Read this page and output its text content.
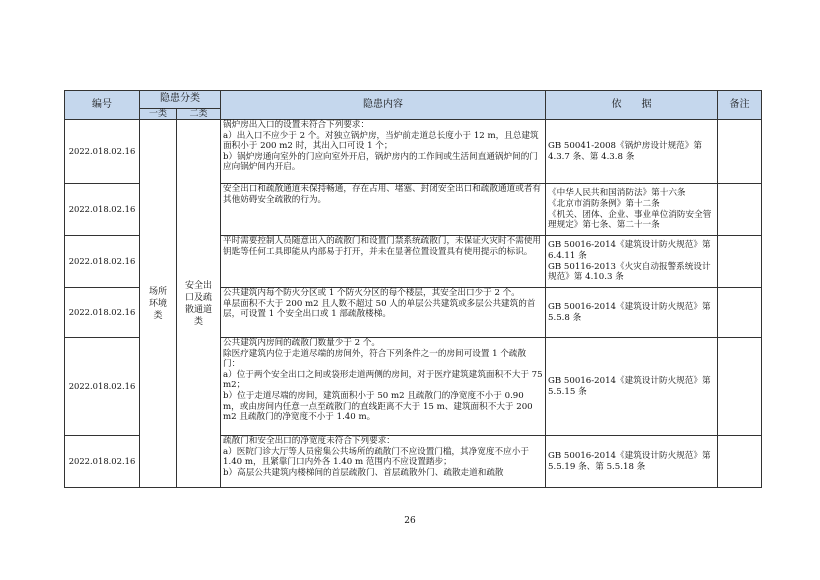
编号	隐患分类		隐患内容	依　　据	备注
	一类	二类			
2022.018.02.16	场所环境类	安全出口及疏散通道类	锅炉房出入口的设置未符合下列要求：
a）出入口不应少于 2 个。对独立锅炉房，当炉前走道总长度小于 12 m，且总建筑面积小于 200 m2 时，其出入口可设 1 个；
b）锅炉房通向室外的门应向室外开启，锅炉房内的工作间或生活间直通锅炉间的门应向锅炉间内开启。	GB 50041-2008《锅炉房设计规范》第 4.3.7 条、第 4.3.8 条	

2022.018.02.16			安全出口和疏散通道未保持畅通，存在占用、堵塞、封闭安全出口和疏散通道或者有其他妨碍安全疏散的行为。	《中华人民共和国消防法》第十六条
《北京市消防条例》第十二条
《机关、团体、企业、事业单位消防安全管理规定》第七条、第二十一条	

2022.018.02.16			平时需要控制人员随意出入的疏散门和设置门禁系统疏散门，未保证火灾时不需使用钥匙等任何工具即能从内部易于打开，并未在显著位置设置具有使用提示的标识。	GB 50016-2014《建筑设计防火规范》第 6.4.11 条
GB 50116-2013《火灾自动报警系统设计规范》第 4.10.3 条	

2022.018.02.16			公共建筑内每个防火分区或 1 个防火分区的每个楼层，其安全出口少于 2 个。
单层面积不大于 200 m2 且人数不超过 50 人的单层公共建筑或多层公共建筑的首层，可设置 1 个安全出口或 1 部疏散楼梯。	GB 50016-2014《建筑设计防火规范》第 5.5.8 条	

2022.018.02.16			公共建筑内房间的疏散门数量少于 2 个。
除医疗建筑内位于走道尽端的房间外，符合下列条件之一的房间可设置 1 个疏散门：
a）位于两个安全出口之间或袋形走道两侧的房间，对于医疗建筑建筑面积不大于 75 m2；
b）位于走道尽端的房间，建筑面积小于 50 m2 且疏散门的净宽度不小于 0.90 m，或由房间内任意一点至疏散门的直线距离不大于 15 m、建筑面积不大于 200 m2 且疏散门的净宽度不小于 1.40 m。	GB 50016-2014《建筑设计防火规范》第 5.5.15 条	

2022.018.02.16			疏散门和安全出口的净宽度未符合下列要求：
a）医院门诊大厅等人员密集公共场所的疏散门不应设置门槛，其净宽度不应小于 1.40 m，且紧靠门口内外各 1.40 m 范围内不应设置踏步；
b）高层公共建筑内楼梯间的首层疏散门、首层疏散外门、疏散走道和疏散	GB 50016-2014《建筑设计防火规范》第 5.5.19 条、第 5.5.18 条	

26
